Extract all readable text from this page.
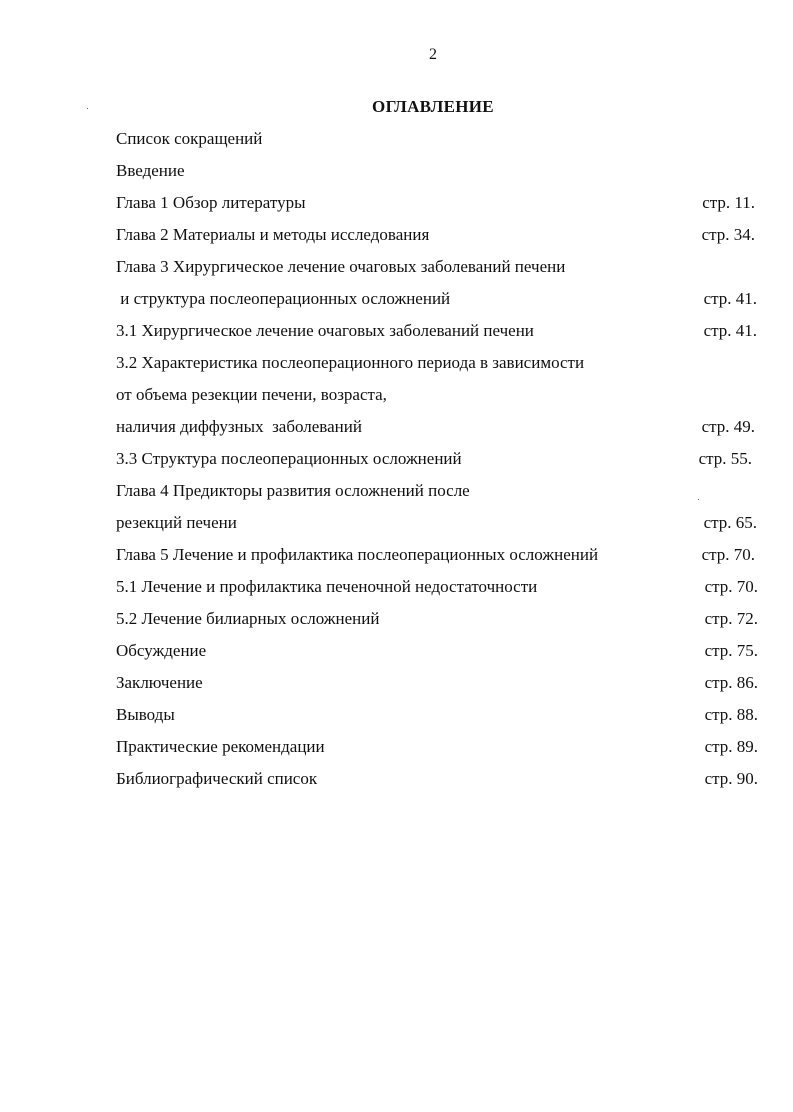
2
ОГЛАВЛЕНИЕ
Список сокращений
Введение
Глава 1 Обзор литературы	стр. 11.
Глава 2 Материалы и методы исследования	стр. 34.
Глава 3 Хирургическое лечение очаговых заболеваний печени
и структура послеоперационных осложнений	стр. 41.
3.1 Хирургическое лечение очаговых заболеваний печени	стр. 41.
3.2 Характеристика послеоперационного периода в зависимости
от объема резекции печени, возраста,
наличия диффузных  заболеваний	стр. 49.
3.3 Структура послеоперационных осложнений	стр. 55.
Глава 4 Предикторы развития осложнений после
резекций печени	стр. 65.
Глава 5 Лечение и профилактика послеоперационных осложнений	стр. 70.
5.1 Лечение и профилактика печеночной недостаточности	стр. 70.
5.2 Лечение билиарных осложнений	стр. 72.
Обсуждение	стр. 75.
Заключение	стр. 86.
Выводы	стр. 88.
Практические рекомендации	стр. 89.
Библиографический список	стр. 90.
